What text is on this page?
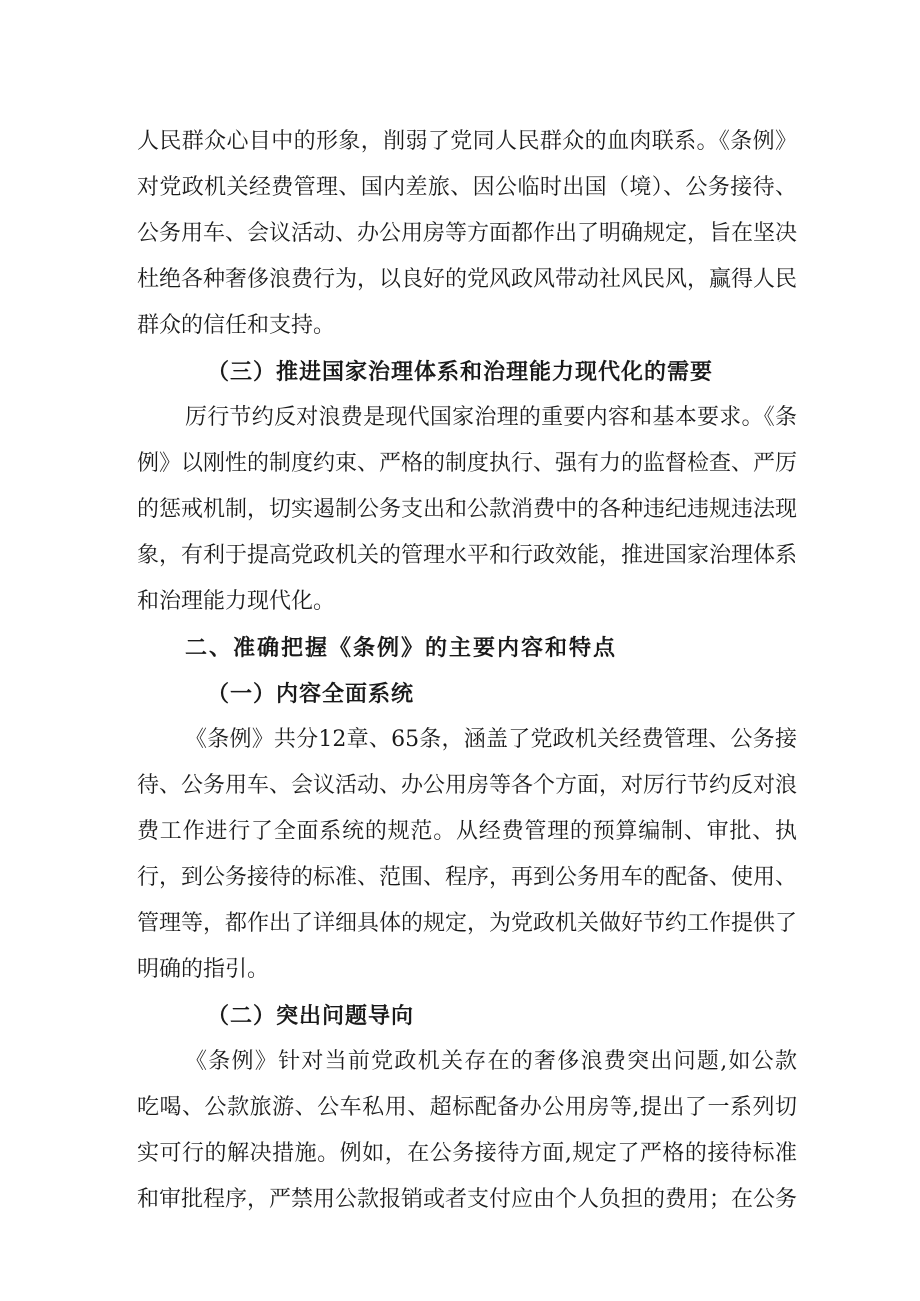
人民群众心目中的形象，削弱了党同人民群众的血肉联系。《条例》
对党政机关经费管理、国内差旅、因公临时出国（境）、公务接待、
公务用车、会议活动、办公用房等方面都作出了明确规定，旨在坚决
杜绝各种奢侈浪费行为，以良好的党风政风带动社风民风，赢得人民
群众的信任和支持。
（三）推进国家治理体系和治理能力现代化的需要
厉行节约反对浪费是现代国家治理的重要内容和基本要求。《条
例》以刚性的制度约束、严格的制度执行、强有力的监督检查、严厉
的惩戒机制，切实遏制公务支出和公款消费中的各种违纪违规违法现
象，有利于提高党政机关的管理水平和行政效能，推进国家治理体系
和治理能力现代化。
二、准确把握《条例》的主要内容和特点
（一）内容全面系统
《条例》共分12章、65条，涵盖了党政机关经费管理、公务接
待、公务用车、会议活动、办公用房等各个方面，对厉行节约反对浪
费工作进行了全面系统的规范。从经费管理的预算编制、审批、执
行，到公务接待的标准、范围、程序，再到公务用车的配备、使用、
管理等，都作出了详细具体的规定，为党政机关做好节约工作提供了
明确的指引。
（二）突出问题导向
《条例》针对当前党政机关存在的奢侈浪费突出问题,如公款
吃喝、公款旅游、公车私用、超标配备办公用房等,提出了一系列切
实可行的解决措施。例如，在公务接待方面,规定了严格的接待标准
和审批程序，严禁用公款报销或者支付应由个人负担的费用；在公务
